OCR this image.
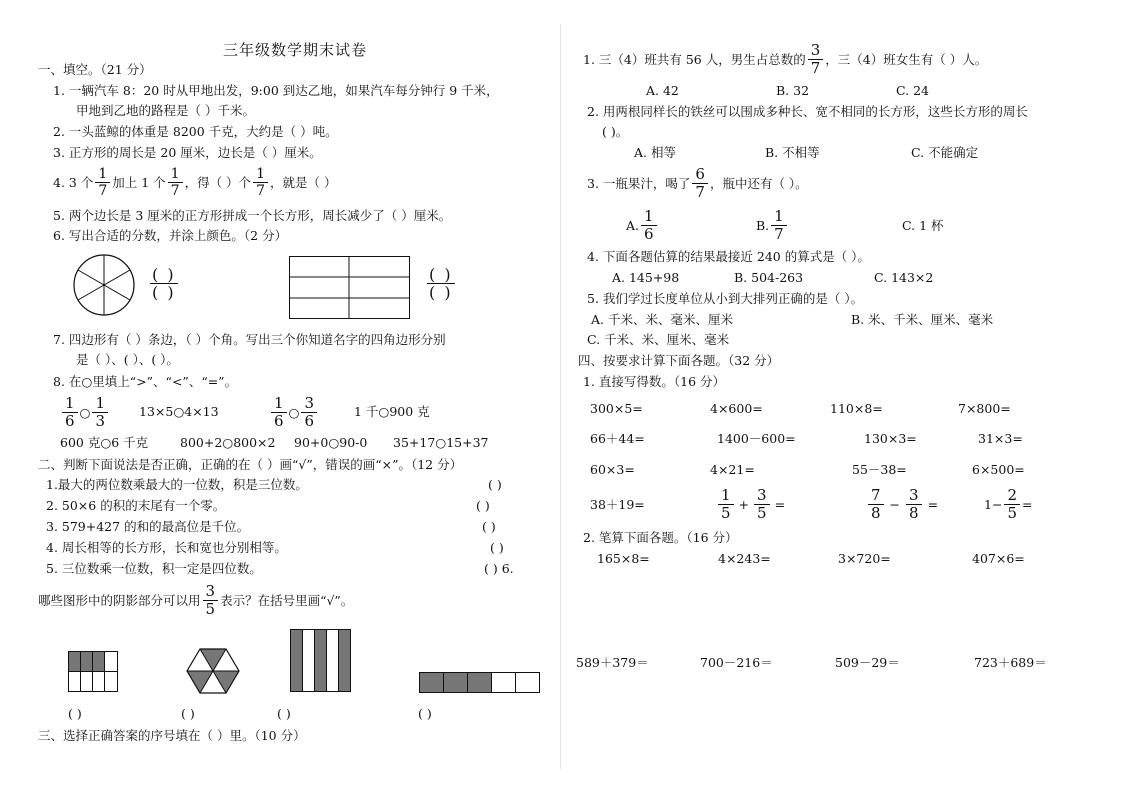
三年级数学期末试卷
一、填空。（21 分）
1. 一辆汽车 8：20 时从甲地出发，9:00 到达乙地，如果汽车每分钟行 9 千米，
甲地到乙地的路程是（ ）千米。
2. 一头蓝鲸的体重是 8200 千克，大约是（ ）吨。
3. 正方形的周长是 20 厘米，边长是（ ）厘米。
4. 3 个 $\frac{1}{7}$ 加上 1 个 $\frac{1}{7}$ ，得（ ）个 $\frac{1}{7}$ ，就是（ ）
5. 两个边长是 3 厘米的正方形拼成一个长方形，周长减少了（ ）厘米。
6. 写出合适的分数，并涂上颜色。（2 分）
( )
( )
( )
( )
7. 四边形有（ ）条边，（ ）个角。写出三个你知道名字的四角边形分别
是（ ）、( ）、( ）。
8. 在○里填上“>”、“<”、“=”。
$\frac{1}{6}$ ○ $\frac{1}{3}$ 13×5○4×13	$\frac{1}{6}$ ○ $\frac{3}{6}$	1 千○900 克
600 克○6 千克	800+2○800×2 90+0○90-0 35+17○15+37
二、判断下面说法是否正确，正确的在（ ）画“√”，错误的画“×”。（12 分）
1.最大的两位数乘最大的一位数，积是三位数。	( )
2. 50×6 的积的末尾有一个零。	( )
3. 579+427 的和的最高位是千位。	( )
4. 周长相等的长方形，长和宽也分别相等。	( )
5. 三位数乘一位数，积一定是四位数。	( ) 6.
哪些图形中的阴影部分可以用 $\frac{3}{5}$ 表示？在括号里画“√”。
( )	( )	( )	( )
三、选择正确答案的序号填在（ ）里。（10 分）
1. 三（4）班共有 56 人，男生占总数的 $\frac{3}{7}$ ，三（4）班女生有（ ）人。
A. 42	B. 32	C. 24
2. 用两根同样长的铁丝可以围成多种长、宽不相同的长方形，这些长方形的周长
( )。
A. 相等	B. 不相等	C. 不能确定
3. 一瓶果汁，喝了 $\frac{6}{7}$ ，瓶中还有（ ）。
A. $\frac{1}{6}$	B. $\frac{1}{7}$	C. 1 杯
4. 下面各题估算的结果最接近 240 的算式是（ ）。
A. 145+98	B. 504-263	C. 143×2
5. 我们学过长度单位从小到大排列正确的是（ ）。
A. 千米、米、毫米、厘米	B. 米、千米、厘米、毫米
C. 千米、米、厘米、毫米
四、按要求计算下面各题。（32 分）
1. 直接写得数。（16 分）
300×5=	4×600=	110×8=	7×800=
66＋44=	1400－600=	130×3=	31×3=
60×3=	4×21=	55－38=	6×500=
38＋19=	$\frac{1}{5} + \frac{3}{5}$ =	$\frac{7}{8} - \frac{3}{8}$ =	$1- \frac{2}{5}$ =
2. 笔算下面各题。（16 分）
165×8=	4×243=	3×720=	407×6=
589＋379＝	700－216＝	509－29＝	723＋689＝
